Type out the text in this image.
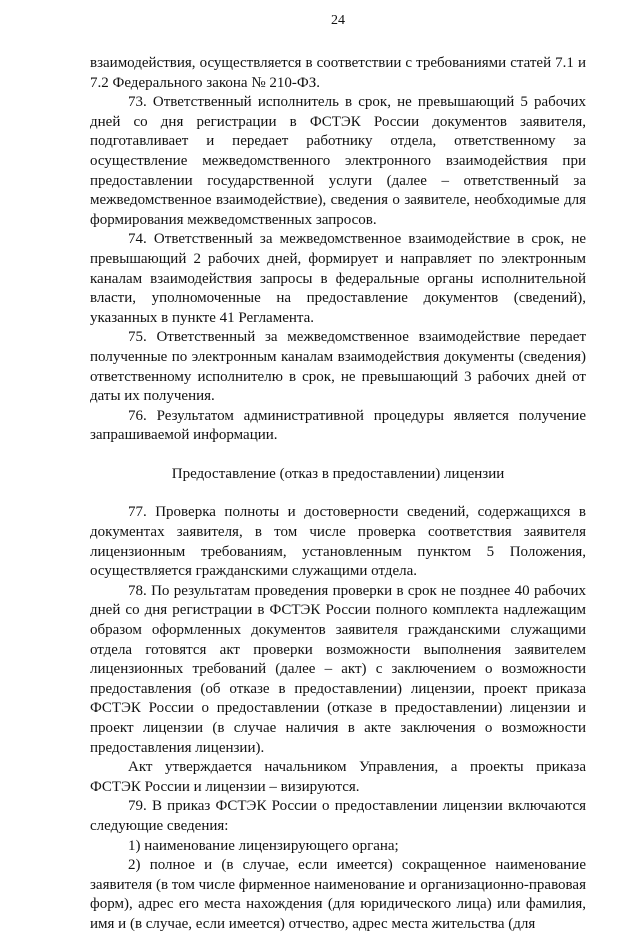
24

взаимодействия, осуществляется в соответствии с требованиями статей 7.1 и 7.2 Федерального закона № 210-ФЗ.

73. Ответственный исполнитель в срок, не превышающий 5 рабочих дней со дня регистрации в ФСТЭК России документов заявителя, подготавливает и передает работнику отдела, ответственному за осуществление межведомственного электронного взаимодействия при предоставлении государственной услуги (далее – ответственный за межведомственное взаимодействие), сведения о заявителе, необходимые для формирования межведомственных запросов.

74. Ответственный за межведомственное взаимодействие в срок, не превышающий 2 рабочих дней, формирует и направляет по электронным каналам взаимодействия запросы в федеральные органы исполнительной власти, уполномоченные на предоставление документов (сведений), указанных в пункте 41 Регламента.

75. Ответственный за межведомственное взаимодействие передает полученные по электронным каналам взаимодействия документы (сведения) ответственному исполнителю в срок, не превышающий 3 рабочих дней от даты их получения.

76. Результатом административной процедуры является получение запрашиваемой информации.

Предоставление (отказ в предоставлении) лицензии

77. Проверка полноты и достоверности сведений, содержащихся в документах заявителя, в том числе проверка соответствия заявителя лицензионным требованиям, установленным пунктом 5 Положения, осуществляется гражданскими служащими отдела.

78. По результатам проведения проверки в срок не позднее 40 рабочих дней со дня регистрации в ФСТЭК России полного комплекта надлежащим образом оформленных документов заявителя гражданскими служащими отдела готовятся акт проверки возможности выполнения заявителем лицензионных требований (далее – акт) с заключением о возможности предоставления (об отказе в предоставлении) лицензии, проект приказа ФСТЭК России о предоставлении (отказе в предоставлении) лицензии и проект лицензии (в случае наличия в акте заключения о возможности предоставления лицензии).

Акт утверждается начальником Управления, а проекты приказа ФСТЭК России и лицензии – визируются.

79. В приказ ФСТЭК России о предоставлении лицензии включаются следующие сведения:

1) наименование лицензирующего органа;

2) полное и (в случае, если имеется) сокращенное наименование заявителя (в том числе фирменное наименование и организационно-правовая форм), адрес его места нахождения (для юридического лица) или фамилия, имя и (в случае, если имеется) отчество, адрес места жительства (для
